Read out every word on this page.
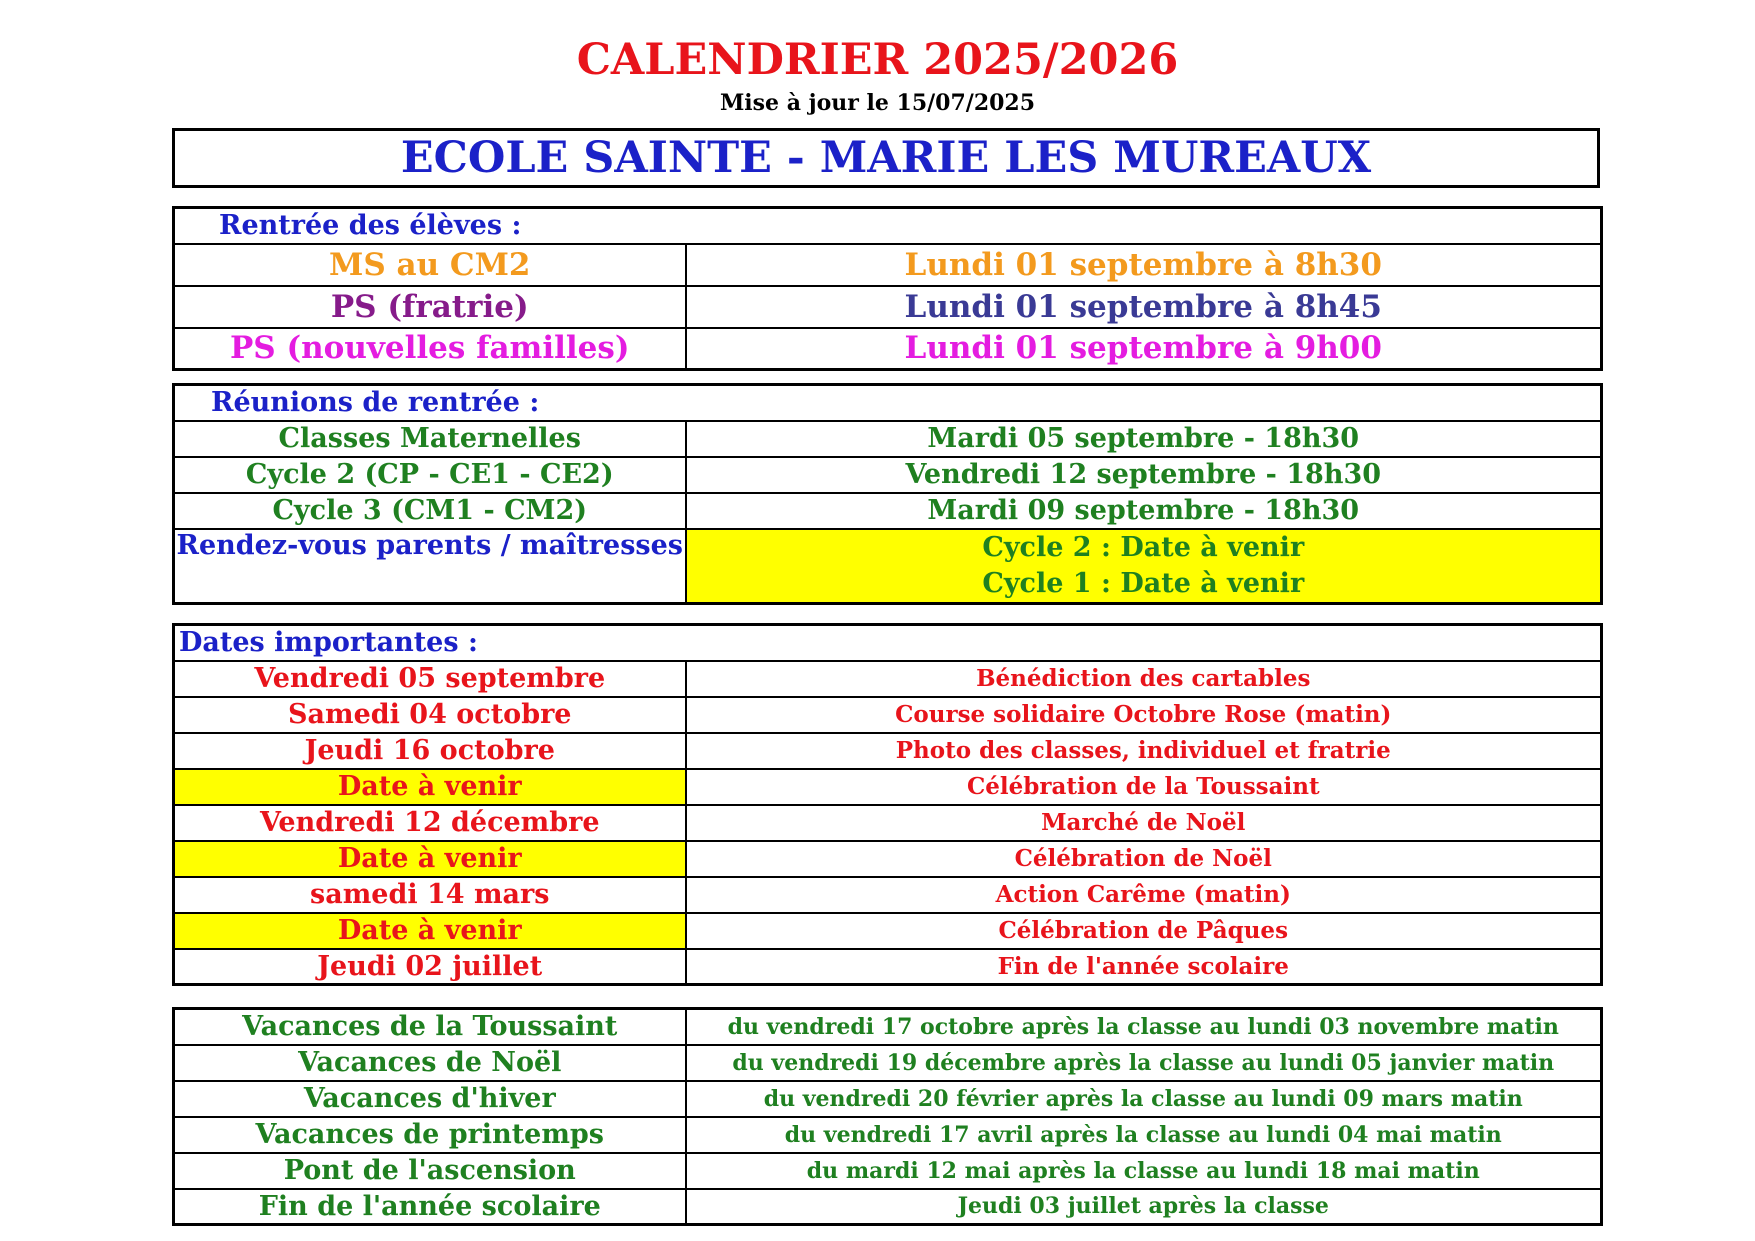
CALENDRIER 2025/2026
Mise à jour le 15/07/2025
ECOLE SAINTE - MARIE LES MUREAUX
Rentrée des élèves :	
MS au CM2	Lundi 01 septembre à 8h30
PS (fratrie)	Lundi 01 septembre à 8h45
PS (nouvelles familles)	Lundi 01 septembre à 9h00
Réunions de rentrée :	
Classes Maternelles	Mardi 05 septembre - 18h30
Cycle 2 (CP - CE1 - CE2)	Vendredi 12 septembre - 18h30
Cycle 3 (CM1 - CM2)	Mardi 09 septembre - 18h30
Rendez-vous parents / maîtresses	Cycle 2 : Date à venir
Cycle 1 : Date à venir
Dates importantes :	
Vendredi 05 septembre	Bénédiction des cartables
Samedi 04 octobre	Course solidaire Octobre Rose (matin)
Jeudi 16 octobre	Photo des classes, individuel et fratrie
Date à venir	Célébration de la Toussaint
Vendredi 12 décembre	Marché de Noël
Date à venir	Célébration de Noël
samedi 14 mars	Action Carême (matin)
Date à venir	Célébration de Pâques
Jeudi 02 juillet	Fin de l'année scolaire
Vacances de la Toussaint	du vendredi 17 octobre après la classe au lundi 03 novembre matin
Vacances de Noël	du vendredi 19 décembre après la classe au lundi 05 janvier matin
Vacances d'hiver	du vendredi 20 février après la classe au lundi 09 mars matin
Vacances de printemps	du vendredi 17 avril après la classe au lundi 04 mai matin
Pont de l'ascension	du mardi 12 mai après la classe au lundi 18 mai matin
Fin de l'année scolaire	Jeudi 03 juillet après la classe
